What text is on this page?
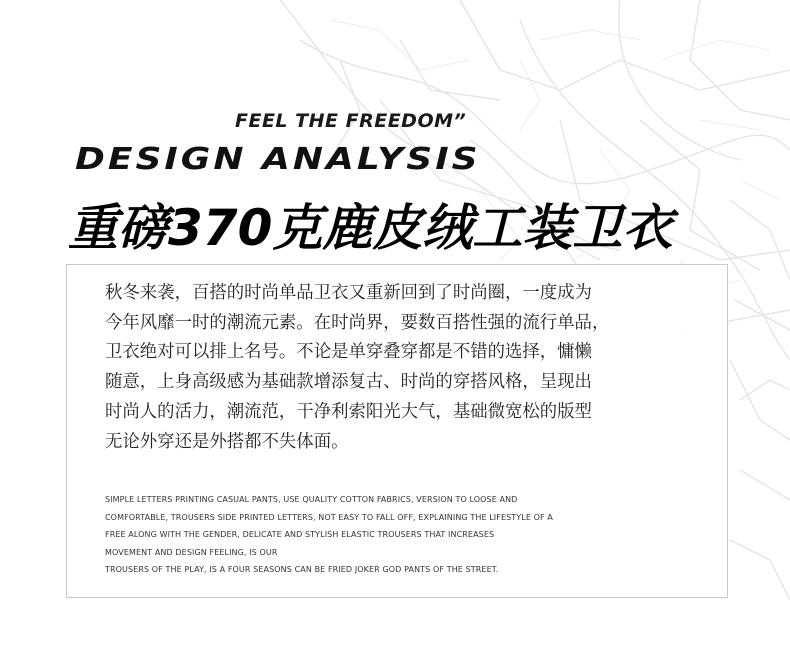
FEEL THE FREEDOM”
DESIGN ANALYSIS
重磅370克鹿皮绒工装卫衣
秋冬来袭，百搭的时尚单品卫衣又重新回到了时尚圈，一度成为
今年风靡一时的潮流元素。在时尚界，要数百搭性强的流行单品，
卫衣绝对可以排上名号。不论是单穿叠穿都是不错的选择，慵懒
随意，上身高级感为基础款增添复古、时尚的穿搭风格，呈现出
时尚人的活力，潮流范，干净利索阳光大气，基础微宽松的版型
无论外穿还是外搭都不失体面。
SIMPLE LETTERS PRINTING CASUAL PANTS, USE QUALITY COTTON FABRICS, VERSION TO LOOSE AND
COMFORTABLE, TROUSERS SIDE PRINTED LETTERS, NOT EASY TO FALL OFF, EXPLAINING THE LIFESTYLE OF A
FREE ALONG WITH THE GENDER, DELICATE AND STYLISH ELASTIC TROUSERS THAT INCREASES
MOVEMENT AND DESIGN FEELING, IS OUR
TROUSERS OF THE PLAY, IS A FOUR SEASONS CAN BE FRIED JOKER GOD PANTS OF THE STREET.
